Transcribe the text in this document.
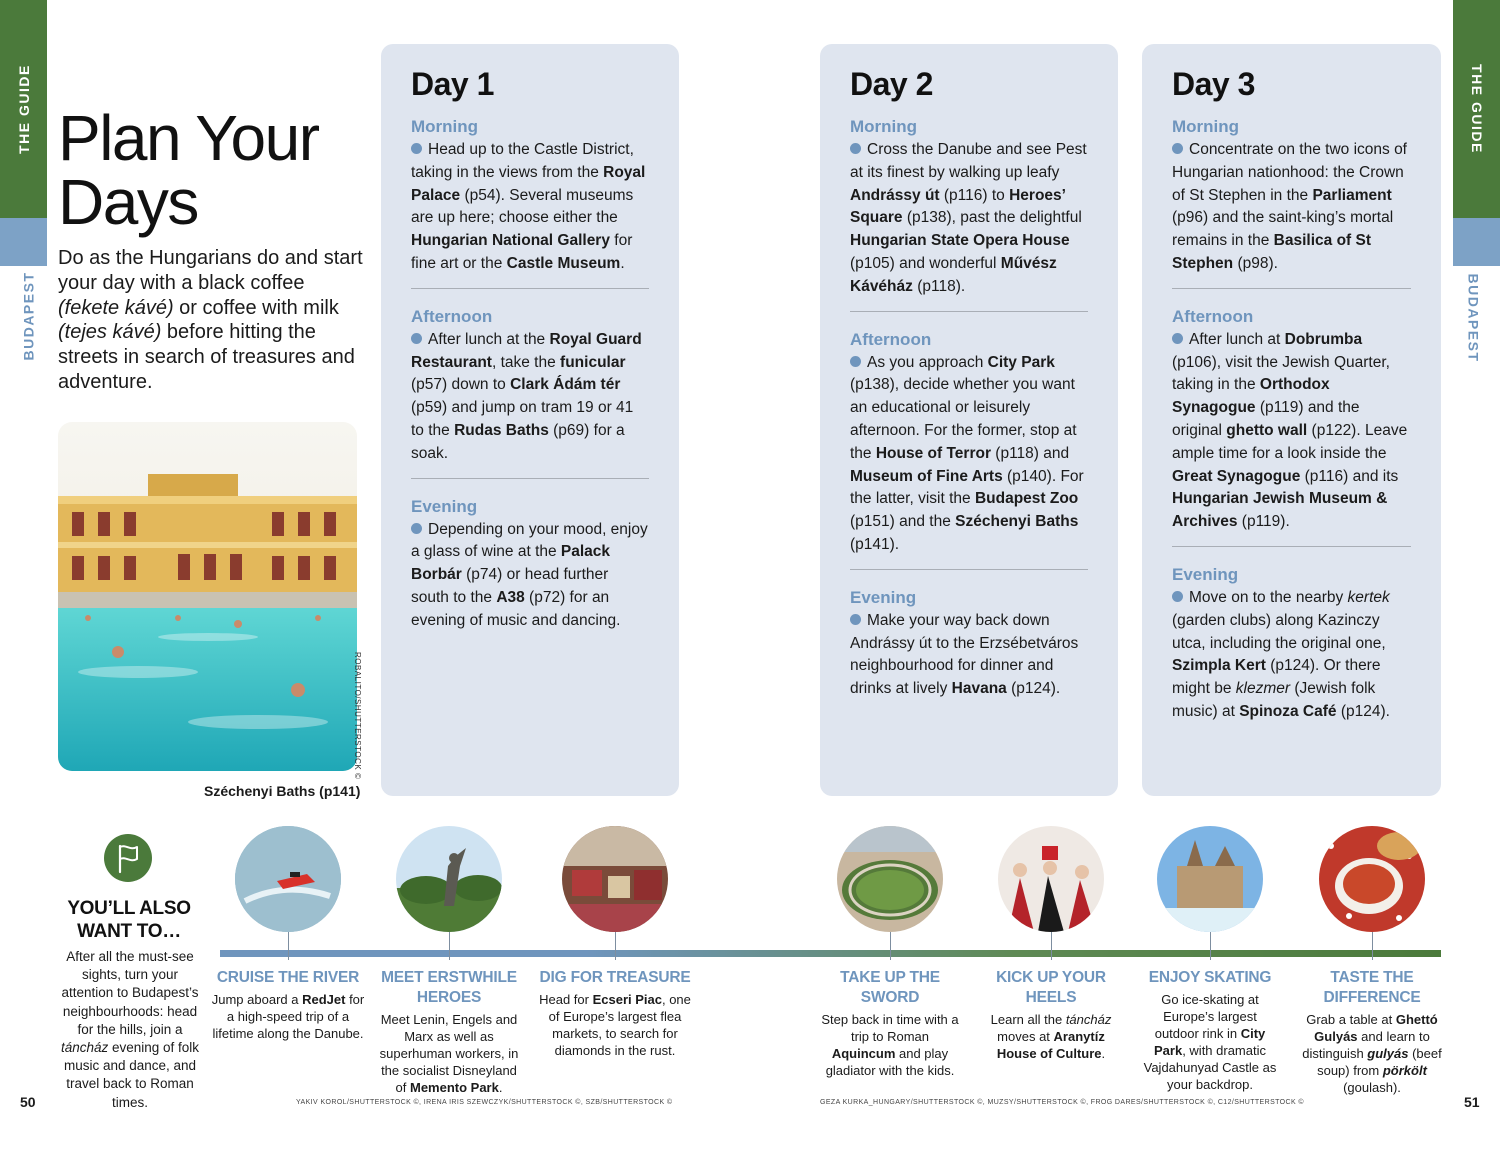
THE GUIDE
BUDAPEST
THE GUIDE
BUDAPEST
Plan Your
Days

Do as the Hungarians do and start your day with a black coffee (fekete kávé) or coffee with milk (tejes kávé) before hitting the streets in search of treasures and adventure.

ROBALITO/SHUTTERSTOCK ©
Széchenyi Baths (p141)
Day 1
Morning

Head up to the Castle District, taking in the views from the Royal Palace (p54). Several museums are up here; choose either the Hungarian National Gallery for fine art or the Castle Museum.

Afternoon

After lunch at the Royal Guard Restaurant, take the funicular (p57) down to Clark Ádám tér (p59) and jump on tram 19 or 41 to the Rudas Baths (p69) for a soak.

Evening

Depending on your mood, enjoy a glass of wine at the Palack Borbár (p74) or head further south to the A38 (p72) for an evening of music and dancing.

Day 2
Morning

Cross the Danube and see Pest at its finest by walking up leafy Andrássy út (p116) to Heroes’ Square (p138), past the delightful Hungarian State Opera House (p105) and wonderful Művész Kávéház (p118).

Afternoon

As you approach City Park (p138), decide whether you want an educational or leisurely afternoon. For the former, stop at the House of Terror (p118) and Museum of Fine Arts (p140). For the latter, visit the Budapest Zoo (p151) and the Széchenyi Baths (p141).

Evening

Make your way back down Andrássy út to the Erzsébetváros neighbourhood for dinner and drinks at lively Havana (p124).

Day 3
Morning

Concentrate on the two icons of Hungarian nationhood: the Crown of St Stephen in the Parliament (p96) and the saint-king’s mortal remains in the Basilica of St Stephen (p98).

Afternoon

After lunch at Dobrumba (p106), visit the Jewish Quarter, taking in the Orthodox Synagogue (p119) and the original ghetto wall (p122). Leave ample time for a look inside the Great Synagogue (p116) and its Hungarian Jewish Museum & Archives (p119).

Evening

Move on to the nearby kertek (garden clubs) along Kazinczy utca, including the original one, Szimpla Kert (p124). Or there might be klezmer (Jewish folk music) at Spinoza Café (p124).

YOU’LL ALSO WANT TO…

After all the must-see sights, turn your attention to Budapest’s neighbourhoods: head for the hills, join a táncház evening of folk music and dance, and travel back to Roman times.

CRUISE THE RIVER

Jump aboard a RedJet for a high-speed trip of a lifetime along the Danube.

MEET ERSTWHILE HEROES

Meet Lenin, Engels and Marx as well as superhuman workers, in the socialist Disneyland of Memento Park.

DIG FOR TREASURE

Head for Ecseri Piac, one of Europe’s largest flea markets, to search for diamonds in the rust.

TAKE UP THE SWORD

Step back in time with a trip to Roman Aquincum and play gladiator with the kids.

KICK UP YOUR HEELS

Learn all the táncház moves at Aranytíz House of Culture.

ENJOY SKATING

Go ice-skating at Europe’s largest outdoor rink in City Park, with dramatic Vajdahunyad Castle as your backdrop.

TASTE THE DIFFERENCE

Grab a table at Ghettó Gulyás and learn to distinguish gulyás (beef soup) from pörkölt (goulash).

50	51
YAKIV KOROL/SHUTTERSTOCK ©, IRENA IRIS SZEWCZYK/SHUTTERSTOCK ©, SZB/SHUTTERSTOCK ©	GEZA KURKA_HUNGARY/SHUTTERSTOCK ©, MUZSY/SHUTTERSTOCK ©, FROG DARES/SHUTTERSTOCK ©, C12/SHUTTERSTOCK ©
